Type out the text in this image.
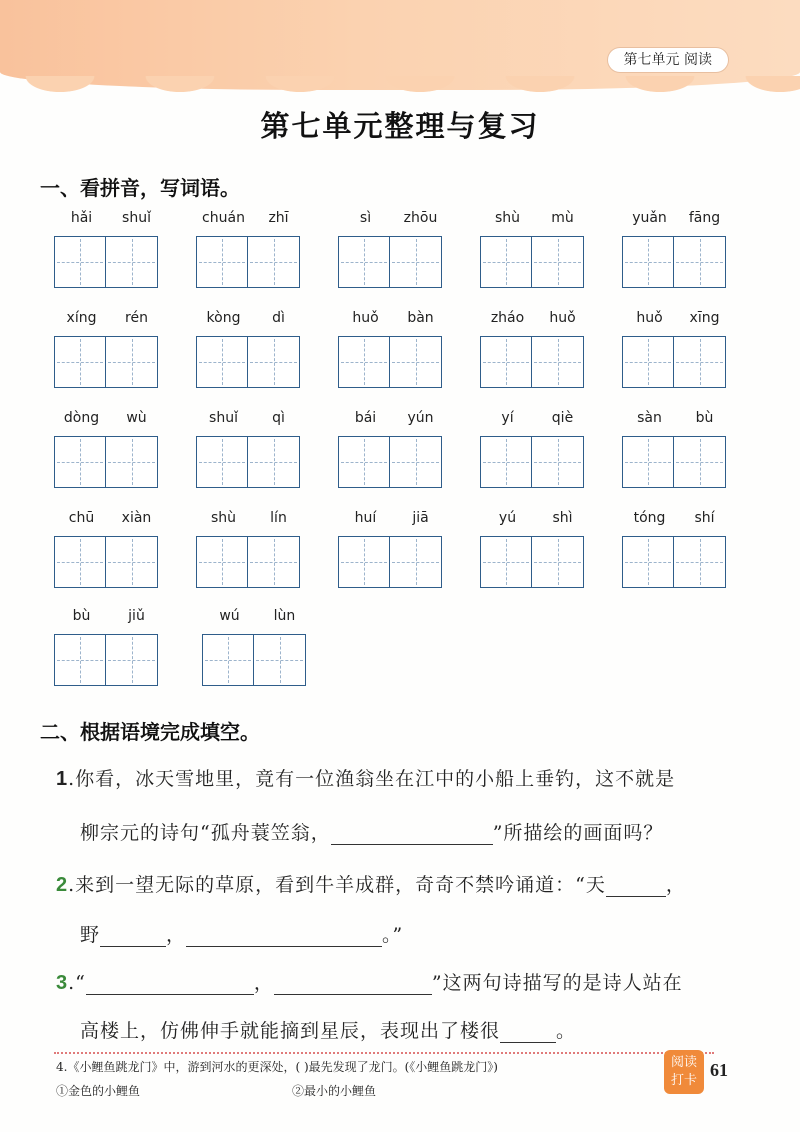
第七单元 阅读
第七单元整理与复习
一、看拼音，写词语。
hǎi	shuǐ	chuán	zhī	sì	zhōu	shù	mù	yuǎn	fāng
xíng	rén	kòng	dì	huǒ	bàn	zháo	huǒ	huǒ	xīng
dòng	wù	shuǐ	qì	bái	yún	yí	qiè	sàn	bù
chū	xiàn	shù	lín	huí	jiā	yú	shì	tóng	shí
bù	jiǔ	wú	lùn
二、根据语境完成填空。
1.你看，冰天雪地里，竟有一位渔翁坐在江中的小船上垂钓，这不就是
柳宗元的诗句“孤舟蓑笠翁，	”所描绘的画面吗？
2.来到一望无际的草原，看到牛羊成群，奇奇不禁吟诵道：“天	，
野	，	。”
3.“	，	”这两句诗描写的是诗人站在
高楼上，仿佛伸手就能摘到星辰，表现出了楼很	。
4.《小鲤鱼跳龙门》中，游到河水的更深处，( )最先发现了龙门。(《小鲤鱼跳龙门》)
①金色的小鲤鱼	②最小的小鲤鱼
阅读
打卡
61
